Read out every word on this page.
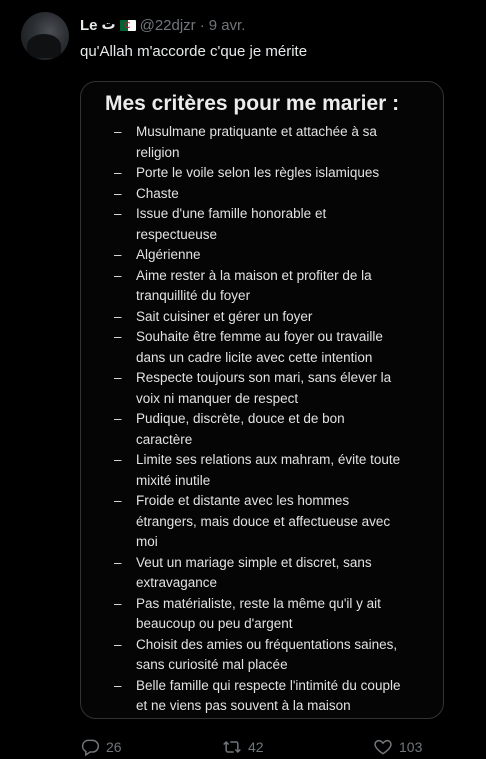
Le ت @22djzr · 9 avr.
qu'Allah m'accorde c'que je mérite
Mes critères pour me marier :
– Musulmane pratiquante et attachée à sa
religion
– Porte le voile selon les règles islamiques
– Chaste
– Issue d'une famille honorable et
respectueuse
– Algérienne
– Aime rester à la maison et profiter de la
tranquillité du foyer
– Sait cuisiner et gérer un foyer
– Souhaite être femme au foyer ou travaille
dans un cadre licite avec cette intention
– Respecte toujours son mari, sans élever la
voix ni manquer de respect
– Pudique, discrète, douce et de bon
caractère
– Limite ses relations aux mahram, évite toute
mixité inutile
– Froide et distante avec les hommes
étrangers, mais douce et affectueuse avec
moi
– Veut un mariage simple et discret, sans
extravagance
– Pas matérialiste, reste la même qu'il y ait
beaucoup ou peu d'argent
– Choisit des amies ou fréquentations saines,
sans curiosité mal placée
– Belle famille qui respecte l'intimité du couple
et ne viens pas souvent à la maison
26	42	103
